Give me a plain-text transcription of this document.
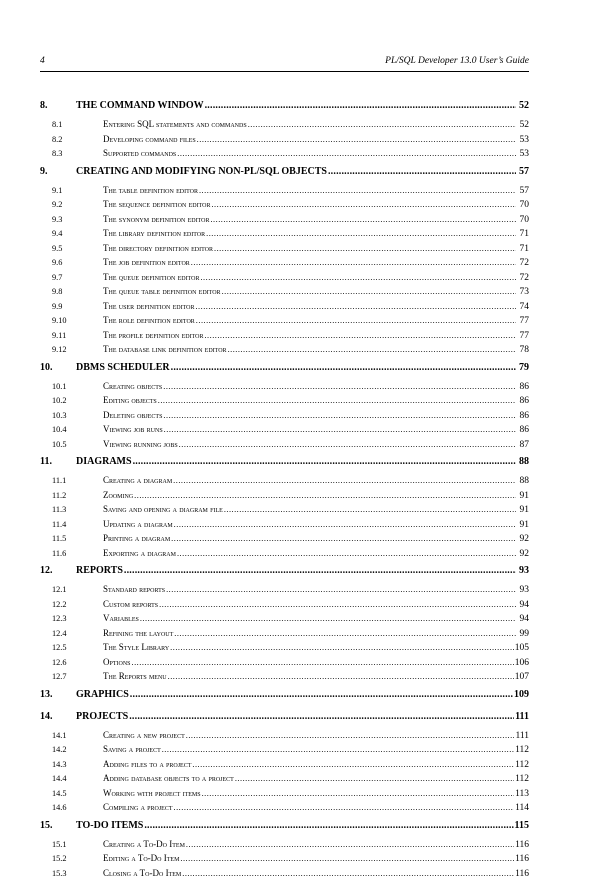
4	PL/SQL Developer 13.0 User’s Guide
8.	THE COMMAND WINDOW .....	52
8.1	Entering SQL statements and commands .....	52
8.2	Developing command files .....	53
8.3	Supported commands .....	53
9.	CREATING AND MODIFYING NON-PL/SQL OBJECTS .....	57
9.1	The table definition editor .....	57
9.2	The sequence definition editor .....	70
9.3	The synonym definition editor .....	70
9.4	The library definition editor .....	71
9.5	The directory definition editor .....	71
9.6	The job definition editor .....	72
9.7	The queue definition editor .....	72
9.8	The queue table definition editor .....	73
9.9	The user definition editor .....	74
9.10	The role definition editor .....	77
9.11	The profile definition editor .....	77
9.12	The database link definition editor .....	78
10.	DBMS SCHEDULER .....	79
10.1	Creating objects .....	86
10.2	Editing objects .....	86
10.3	Deleting objects .....	86
10.4	Viewing job runs .....	86
10.5	Viewing running jobs .....	87
11.	DIAGRAMS .....	88
11.1	Creating a diagram .....	88
11.2	Zooming .....	91
11.3	Saving and opening a diagram file .....	91
11.4	Updating a diagram .....	91
11.5	Printing a diagram .....	92
11.6	Exporting a diagram .....	92
12.	REPORTS .....	93
12.1	Standard reports .....	93
12.2	Custom reports .....	94
12.3	Variables .....	94
12.4	Refining the layout .....	99
12.5	The Style Library .....	105
12.6	Options .....	106
12.7	The Reports menu .....	107
13.	GRAPHICS .....	109
14.	PROJECTS .....	111
14.1	Creating a new project .....	111
14.2	Saving a project .....	112
14.3	Adding files to a project .....	112
14.4	Adding database objects to a project .....	112
14.5	Working with project items .....	113
14.6	Compiling a project .....	114
15.	TO-DO ITEMS .....	115
15.1	Creating a To-Do Item .....	116
15.2	Editing a To-Do Item .....	116
15.3	Closing a To-Do Item .....	116
